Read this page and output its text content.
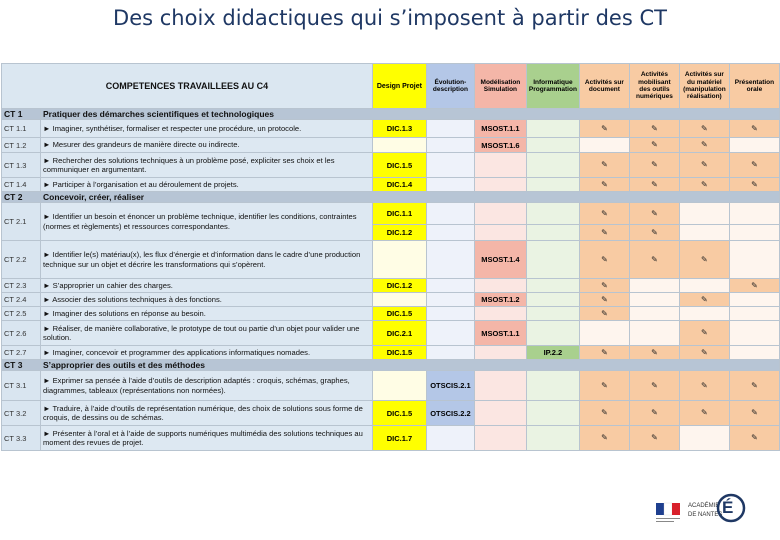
Des choix didactiques qui s’imposent à partir des CT
COMPETENCES TRAVAILLEES AU C4		Design Projet	Évolution-description	Modélisation Simulation	Informatique Programmation	Activités sur document	Activités mobilisant des outils numériques	Activités sur du matériel (manipulation réalisation)	Présentation orale
CT 1	Pratiquer des démarches scientifiques et technologiques								
CT 1.1	► Imaginer, synthétiser, formaliser et respecter une procédure, un protocole.	DIC.1.3		MSOST.1.1		✎	✎	✎	✎

CT 1.2	► Mesurer des grandeurs de manière directe ou indirecte.			MSOST.1.6			✎	✎	

CT 1.3	► Rechercher des solutions techniques à un problème posé, expliciter ses choix et les communiquer en argumentant.	DIC.1.5				✎	✎	✎	✎

CT 1.4	► Participer à l’organisation et au déroulement de projets.	DIC.1.4				✎	✎	✎	✎

CT 2	Concevoir, créer, réaliser								
CT 2.1	► Identifier un besoin et énoncer un problème technique, identifier les conditions, contraintes (normes et règlements) et ressources correspondantes.	DIC.1.1				✎	✎		

		DIC.1.2				✎	✎		

CT 2.2	► Identifier le(s) matériau(x), les flux d’énergie et d’information dans le cadre d’une production technique sur un objet et décrire les transformations qui s’opèrent.			MSOST.1.4		✎	✎	✎	

CT 2.3	► S’approprier un cahier des charges.	DIC.1.2				✎			✎

CT 2.4	► Associer des solutions techniques à des fonctions.			MSOST.1.2		✎		✎	

CT 2.5	► Imaginer des solutions en réponse au besoin.	DIC.1.5				✎			

CT 2.6	► Réaliser, de manière collaborative, le prototype de tout ou partie d’un objet pour valider une solution.	DIC.2.1		MSOST.1.1				✎	

CT 2.7	► Imaginer, concevoir et programmer des applications informatiques nomades.	DIC.1.5			IP.2.2	✎	✎	✎	

CT 3	S’approprier des outils et des méthodes								
CT 3.1	► Exprimer sa pensée à l’aide d’outils de description adaptés : croquis, schémas, graphes, diagrammes, tableaux (représentations non normées).		OTSCIS.2.1			✎	✎	✎	✎

CT 3.2	► Traduire, à l’aide d’outils de représentation numérique, des choix de solutions sous forme de croquis, de dessins ou de schémas.	DIC.1.5	OTSCIS.2.2			✎	✎	✎	✎

CT 3.3	► Présenter à l’oral et à l’aide de supports numériques multimédia des solutions techniques au moment des revues de projet.	DIC.1.7				✎	✎		✎
ACADÉMIE
DE NANTES É
